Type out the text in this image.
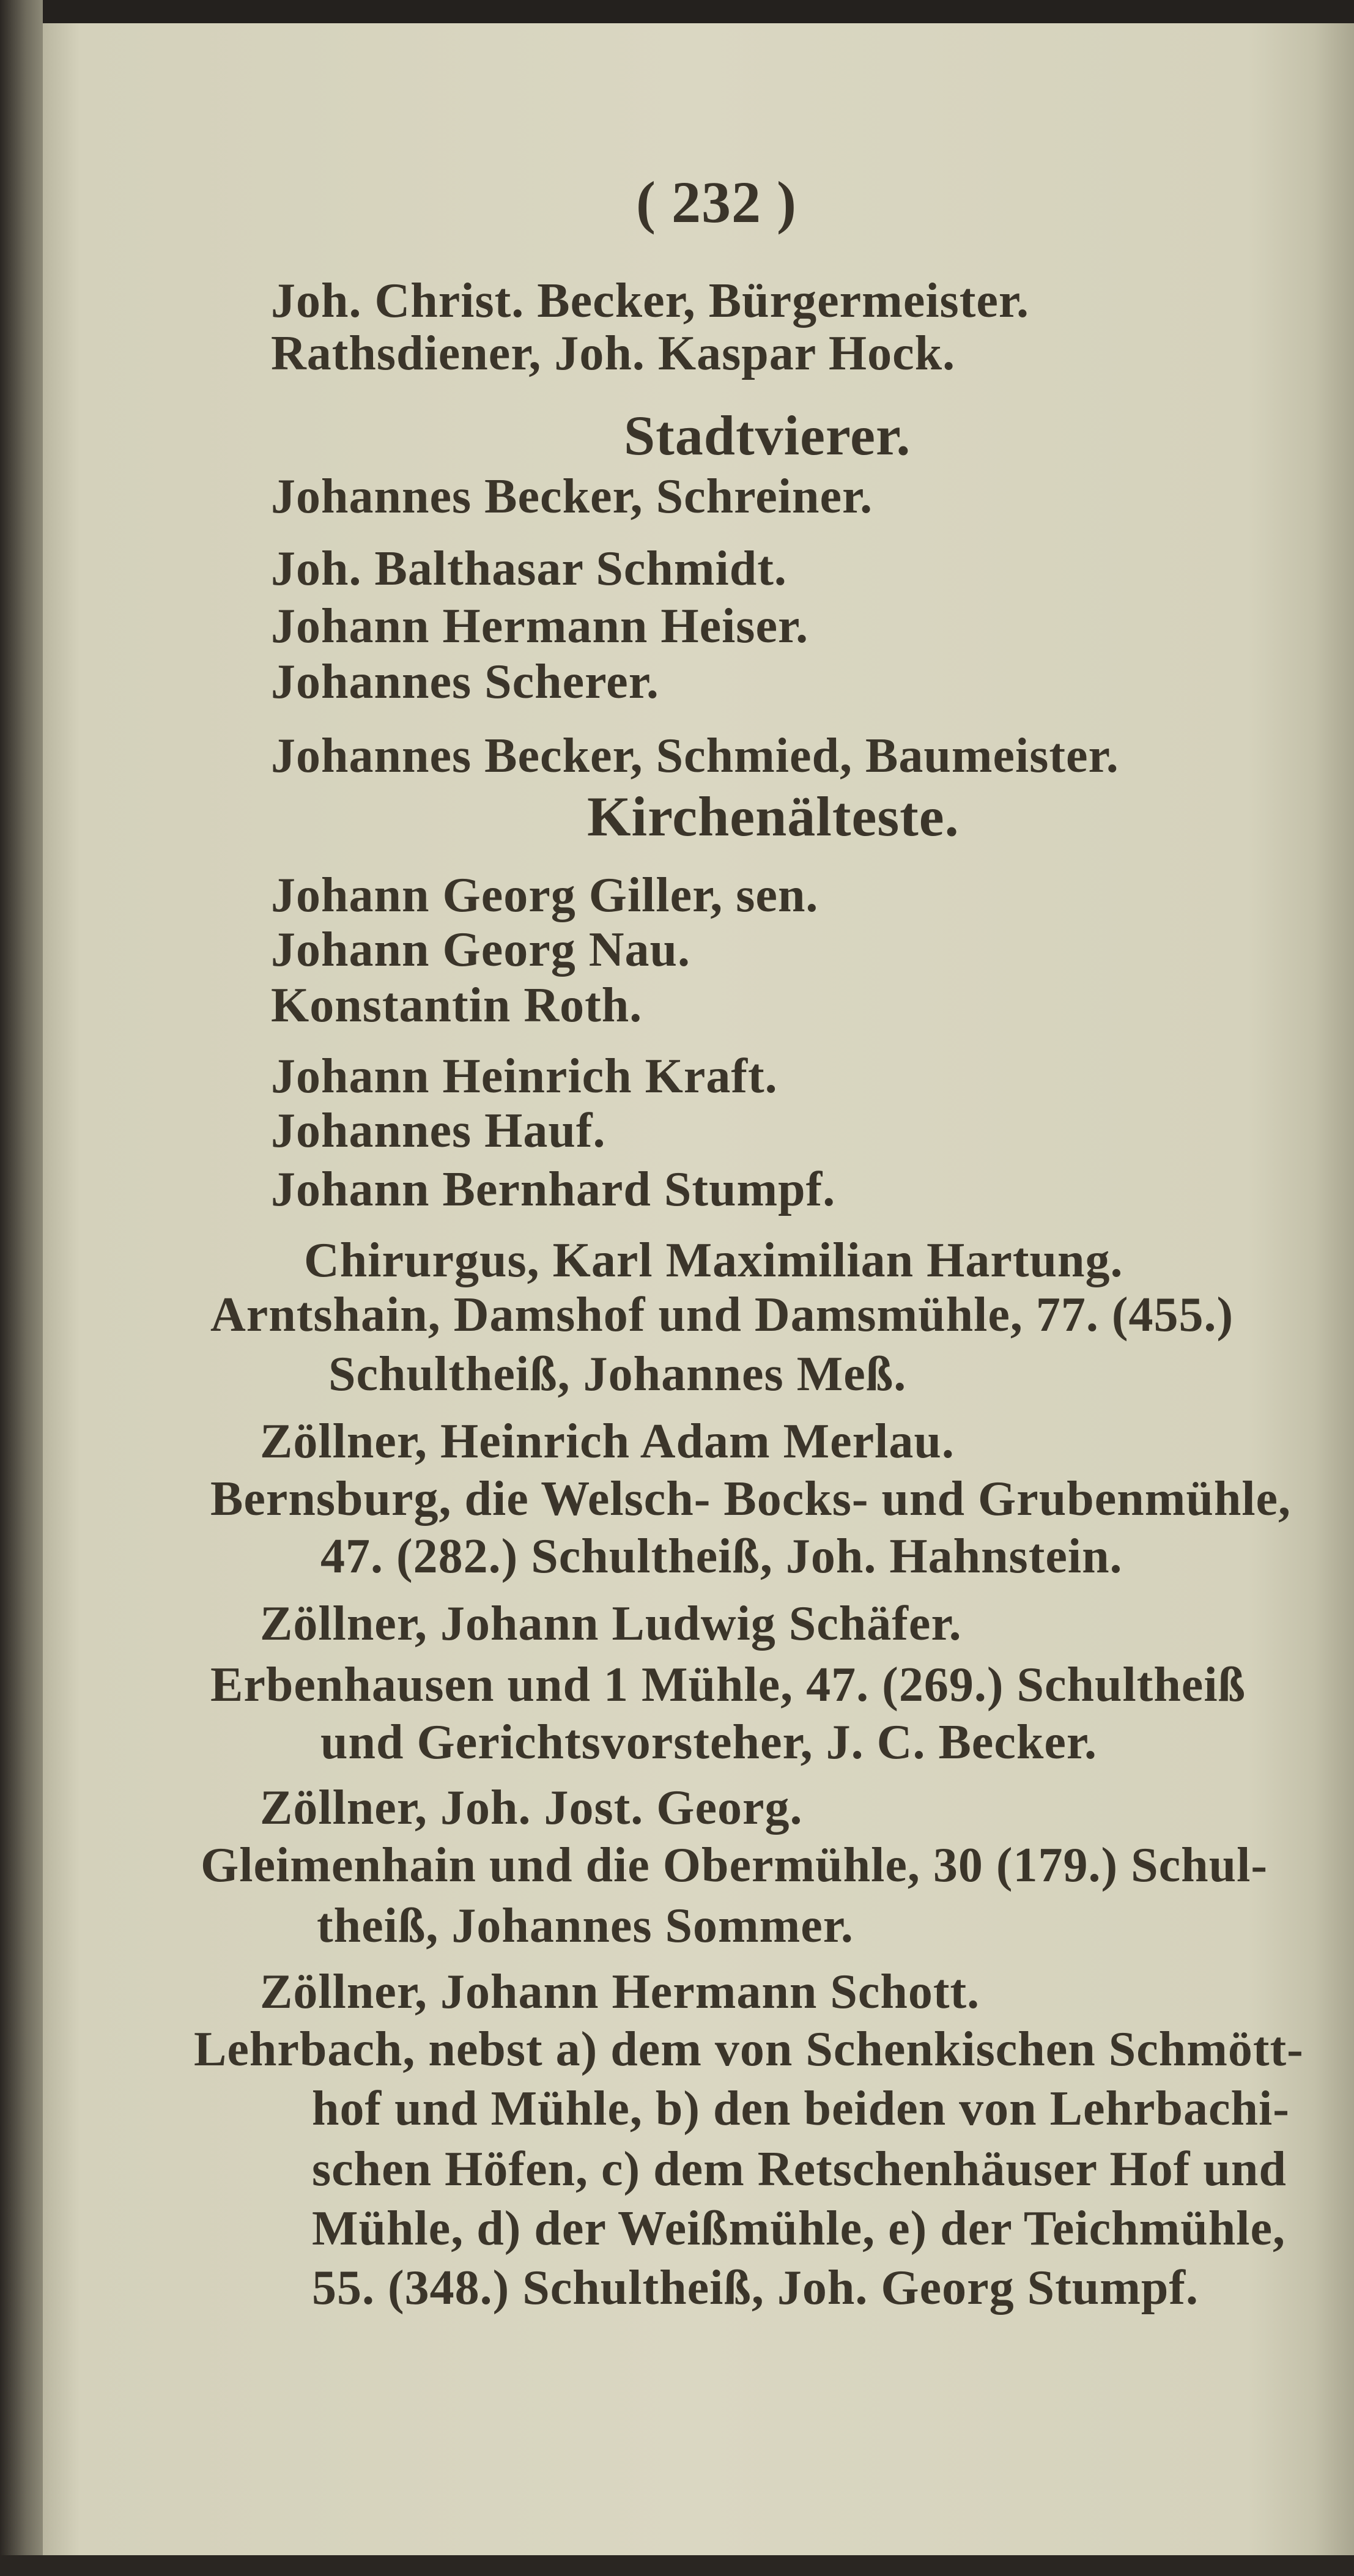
( 232 )
Joh. Christ. Becker, Bürgermeister.
Rathsdiener, Joh. Kaspar Hock.
Stadtvierer.
Johannes Becker, Schreiner.
Joh. Balthasar Schmidt.
Johann Hermann Heiser.
Johannes Scherer.
Johannes Becker, Schmied, Baumeister.
Kirchenälteste.
Johann Georg Giller, sen.
Johann Georg Nau.
Konstantin Roth.
Johann Heinrich Kraft.
Johannes Hauf.
Johann Bernhard Stumpf.
Chirurgus, Karl Maximilian Hartung.
Arntshain, Damshof und Damsmühle, 77. (455.)
Schultheiß, Johannes Meß.
Zöllner, Heinrich Adam Merlau.
Bernsburg, die Welsch- Bocks- und Grubenmühle,
47. (282.) Schultheiß, Joh. Hahnstein.
Zöllner, Johann Ludwig Schäfer.
Erbenhausen und 1 Mühle, 47. (269.) Schultheiß
und Gerichtsvorsteher, J. C. Becker.
Zöllner, Joh. Jost. Georg.
Gleimenhain und die Obermühle, 30 (179.) Schul-
theiß, Johannes Sommer.
Zöllner, Johann Hermann Schott.
Lehrbach, nebst a) dem von Schenkischen Schmött-
hof und Mühle, b) den beiden von Lehrbachi-
schen Höfen, c) dem Retschenhäuser Hof und
Mühle, d) der Weißmühle, e) der Teichmühle,
55. (348.) Schultheiß, Joh. Georg Stumpf.
